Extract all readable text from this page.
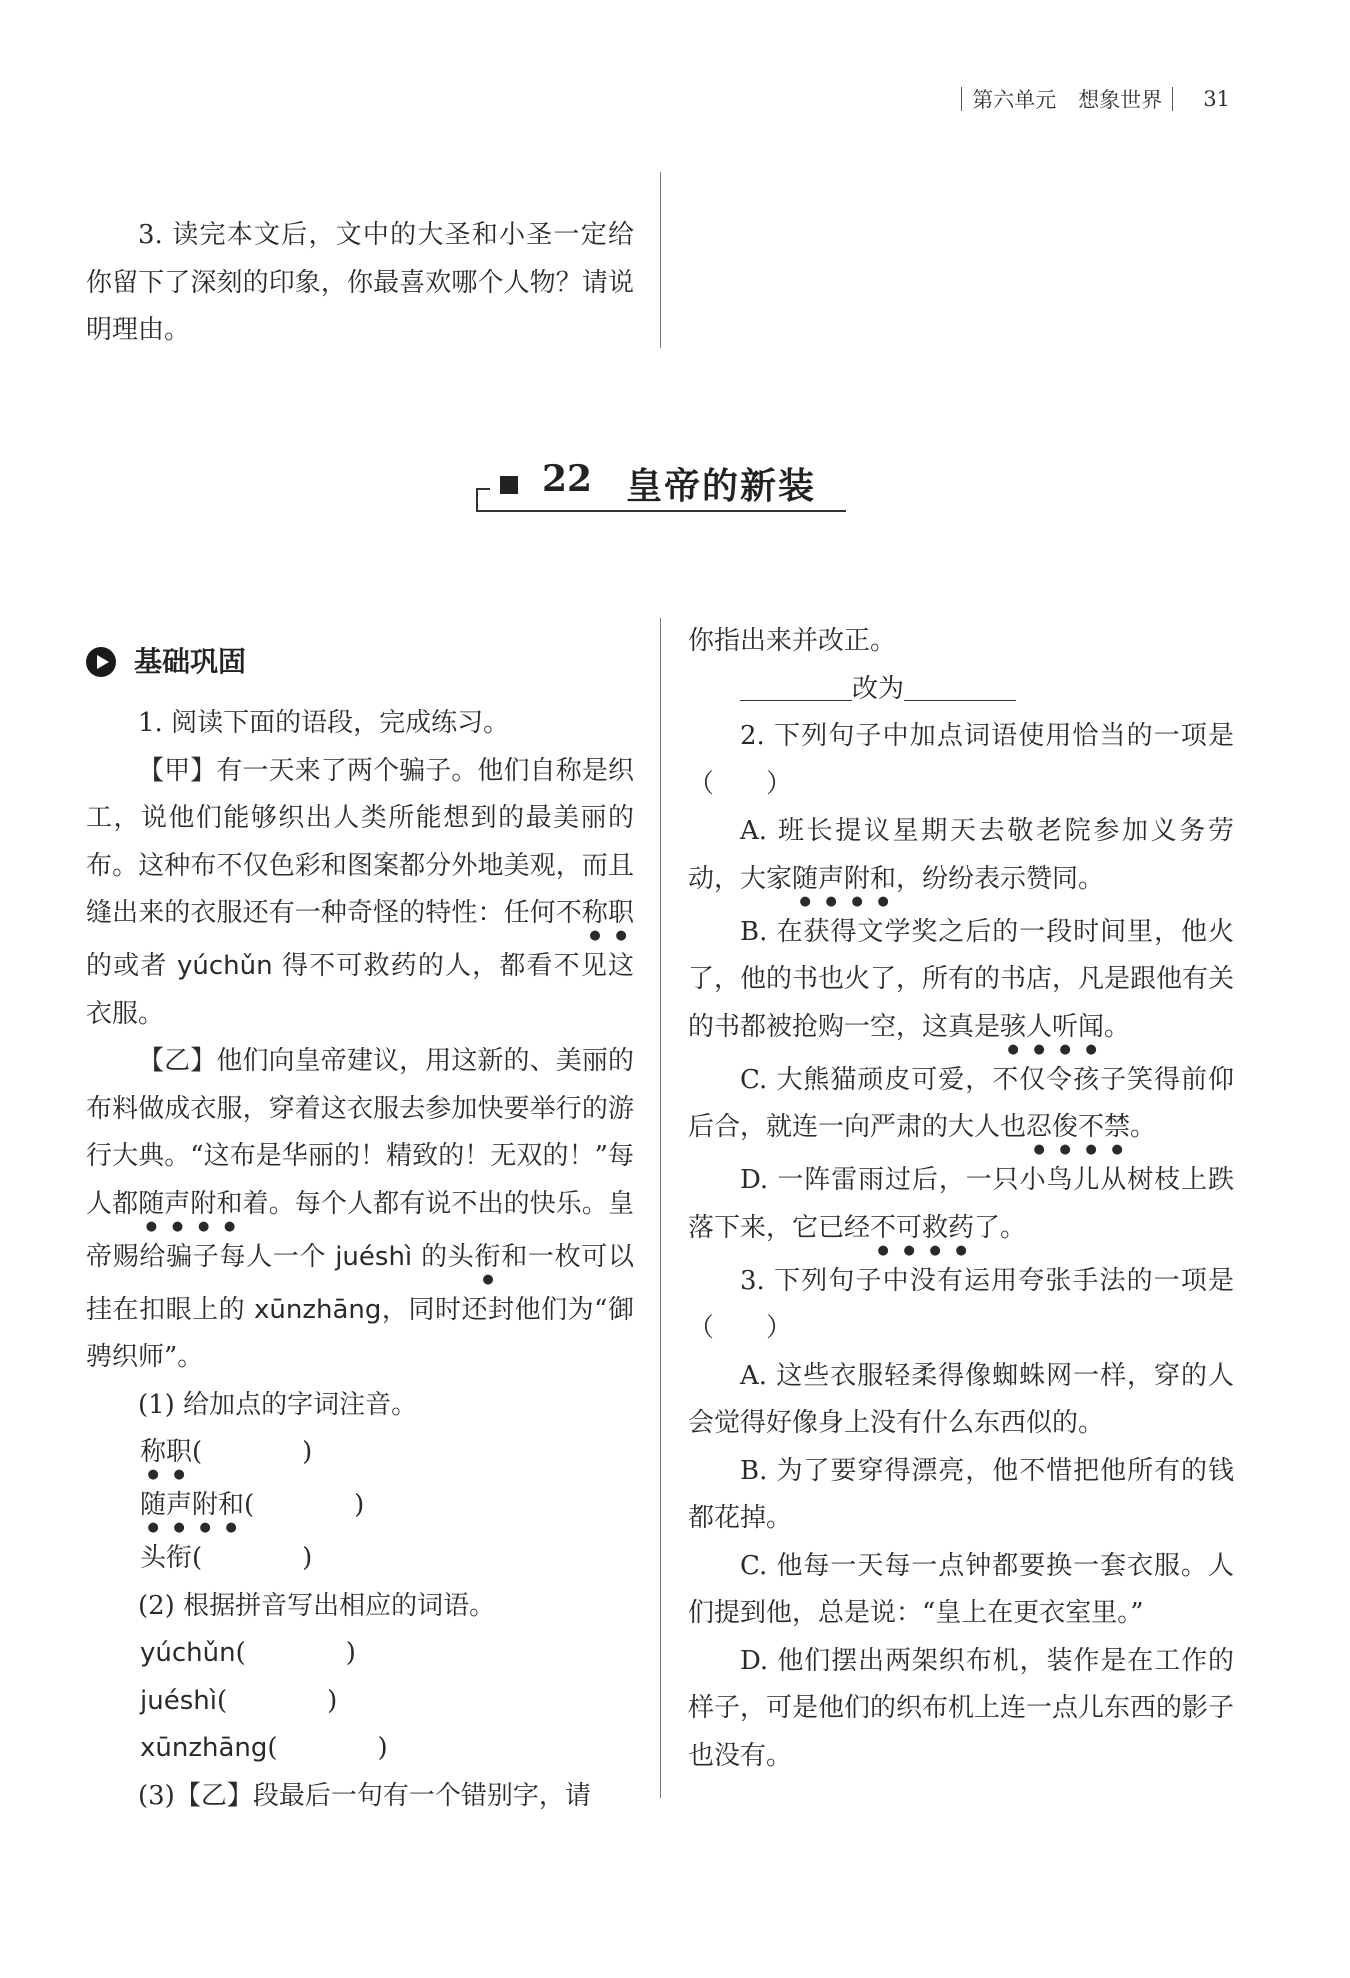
第六单元 想象世界 31

3. 读完本文后，文中的大圣和小圣一定给你留下了深刻的印象，你最喜欢哪个人物？请说明理由。

22 皇帝的新装
基础巩固

1. 阅读下面的语段，完成练习。

【甲】有一天来了两个骗子。他们自称是织工，说他们能够织出人类所能想到的最美丽的布。这种布不仅色彩和图案都分外地美观，而且缝出来的衣服还有一种奇怪的特性：任何不称职的或者 yúchǔn 得不可救药的人，都看不见这衣服。

【乙】他们向皇帝建议，用这新的、美丽的布料做成衣服，穿着这衣服去参加快要举行的游行大典。“这布是华丽的！精致的！无双的！”每人都随声附和着。每个人都有说不出的快乐。皇帝赐给骗子每人一个 juéshì 的头衔和一枚可以挂在扣眼上的 xūnzhāng，同时还封他们为“御骋织师”。

(1) 给加点的字词注音。

称职(	)

随声附和(	)

头衔(	)

(2) 根据拼音写出相应的词语。

yúchǔn(	)

juéshì(	)

xūnzhāng(	)

(3)【乙】段最后一句有一个错别字，请

你指出来并改正。

改为

2. 下列句子中加点词语使用恰当的一项是（　　）

A. 班长提议星期天去敬老院参加义务劳动，大家随声附和，纷纷表示赞同。

B. 在获得文学奖之后的一段时间里，他火了，他的书也火了，所有的书店，凡是跟他有关的书都被抢购一空，这真是骇人听闻。

C. 大熊猫顽皮可爱，不仅令孩子笑得前仰后合，就连一向严肃的大人也忍俊不禁。

D. 一阵雷雨过后，一只小鸟儿从树枝上跌落下来，它已经不可救药了。

3. 下列句子中没有运用夸张手法的一项是（　　）

A. 这些衣服轻柔得像蜘蛛网一样，穿的人会觉得好像身上没有什么东西似的。

B. 为了要穿得漂亮，他不惜把他所有的钱都花掉。

C. 他每一天每一点钟都要换一套衣服。人们提到他，总是说：“皇上在更衣室里。”

D. 他们摆出两架织布机，装作是在工作的样子，可是他们的织布机上连一点儿东西的影子也没有。
